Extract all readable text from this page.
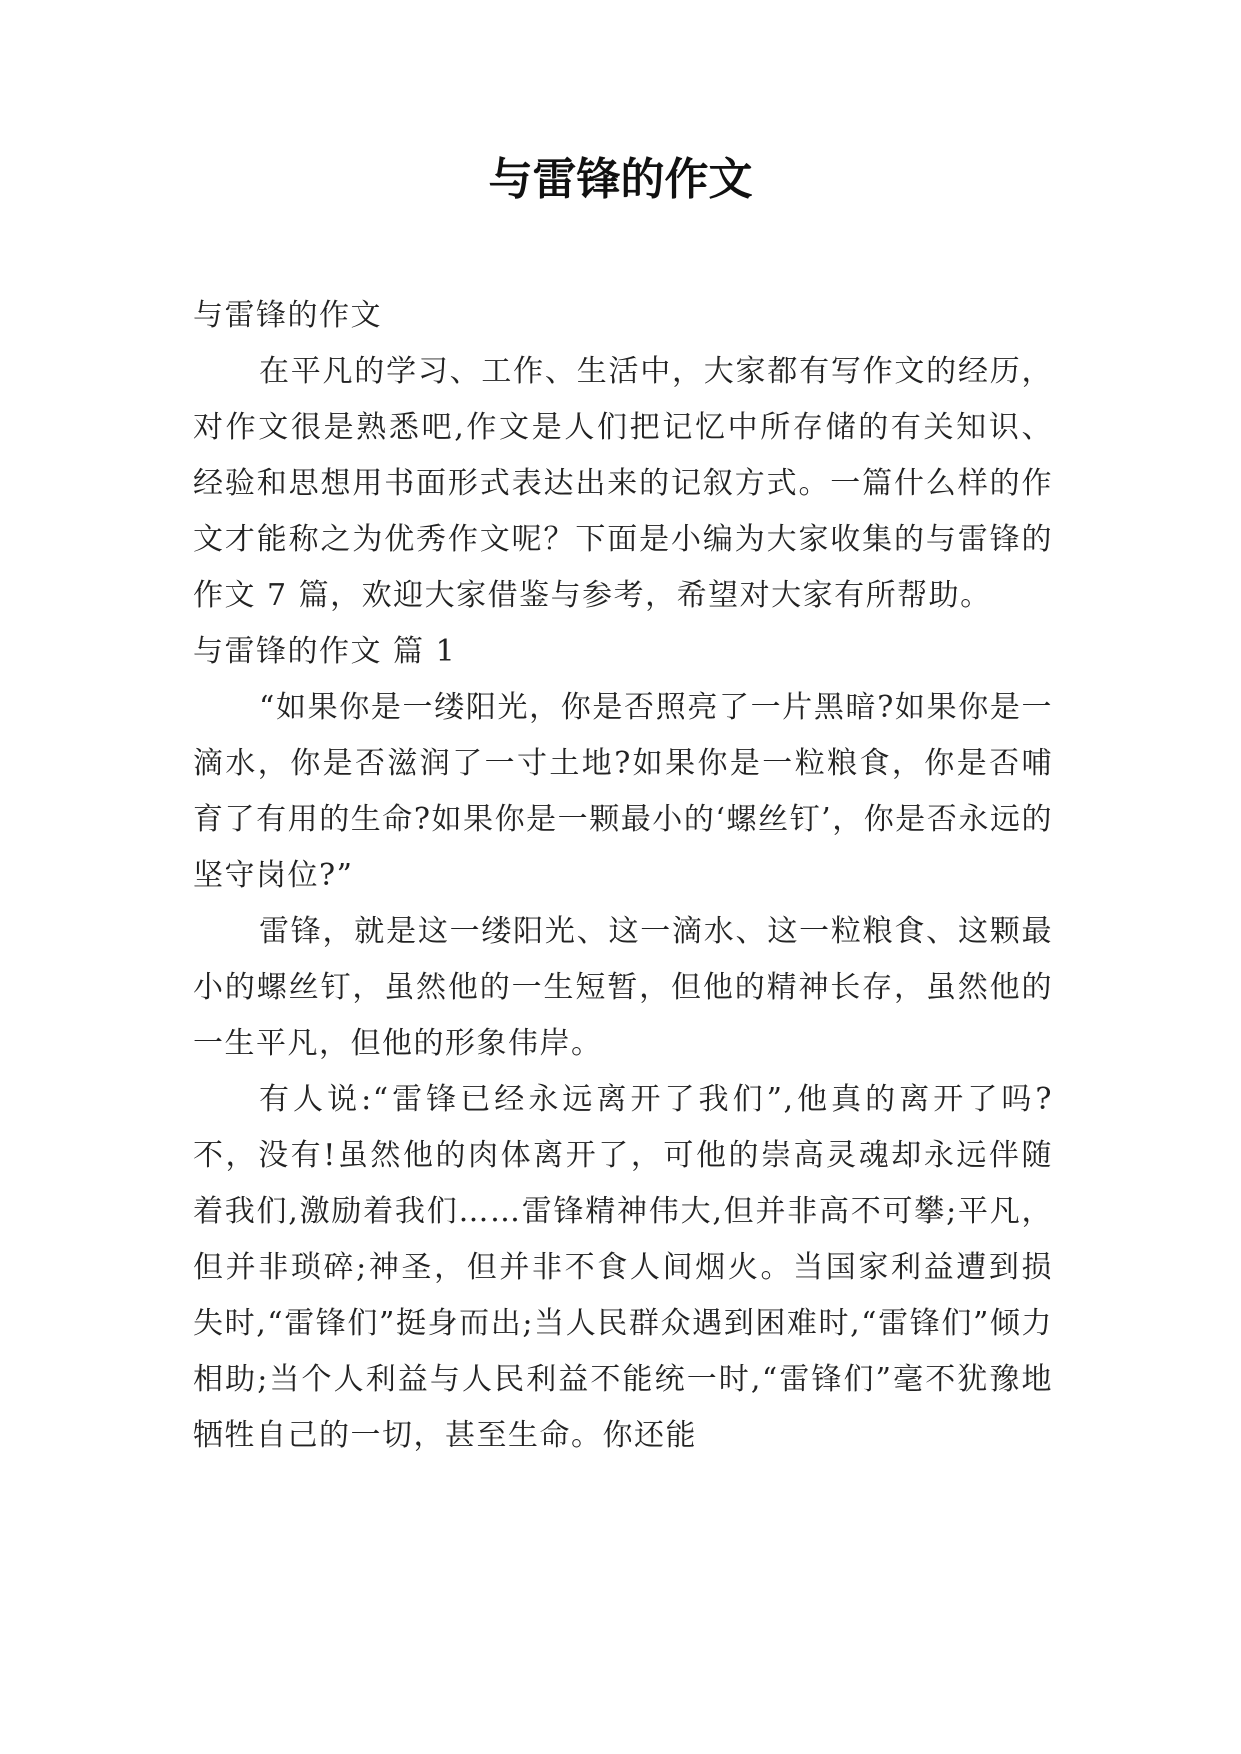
与雷锋的作文
与雷锋的作文

在平凡的学习、工作、生活中，大家都有写作文的经历，对作文很是熟悉吧,作文是人们把记忆中所存储的有关知识、经验和思想用书面形式表达出来的记叙方式。一篇什么样的作文才能称之为优秀作文呢？下面是小编为大家收集的与雷锋的作文 7 篇，欢迎大家借鉴与参考，希望对大家有所帮助。

与雷锋的作文 篇 1

“如果你是一缕阳光，你是否照亮了一片黑暗?如果你是一滴水，你是否滋润了一寸土地?如果你是一粒粮食，你是否哺育了有用的生命?如果你是一颗最小的‘螺丝钉’，你是否永远的坚守岗位?”

雷锋，就是这一缕阳光、这一滴水、这一粒粮食、这颗最小的螺丝钉，虽然他的一生短暂，但他的精神长存，虽然他的一生平凡，但他的形象伟岸。

有人说:“雷锋已经永远离开了我们”,他真的离开了吗?不，没有!虽然他的肉体离开了，可他的崇高灵魂却永远伴随着我们,激励着我们……雷锋精神伟大,但并非高不可攀;平凡，但并非琐碎;神圣，但并非不食人间烟火。当国家利益遭到损失时,“雷锋们”挺身而出;当人民群众遇到困难时,“雷锋们”倾力相助;当个人利益与人民利益不能统一时,“雷锋们”毫不犹豫地牺牲自己的一切，甚至生命。你还能
